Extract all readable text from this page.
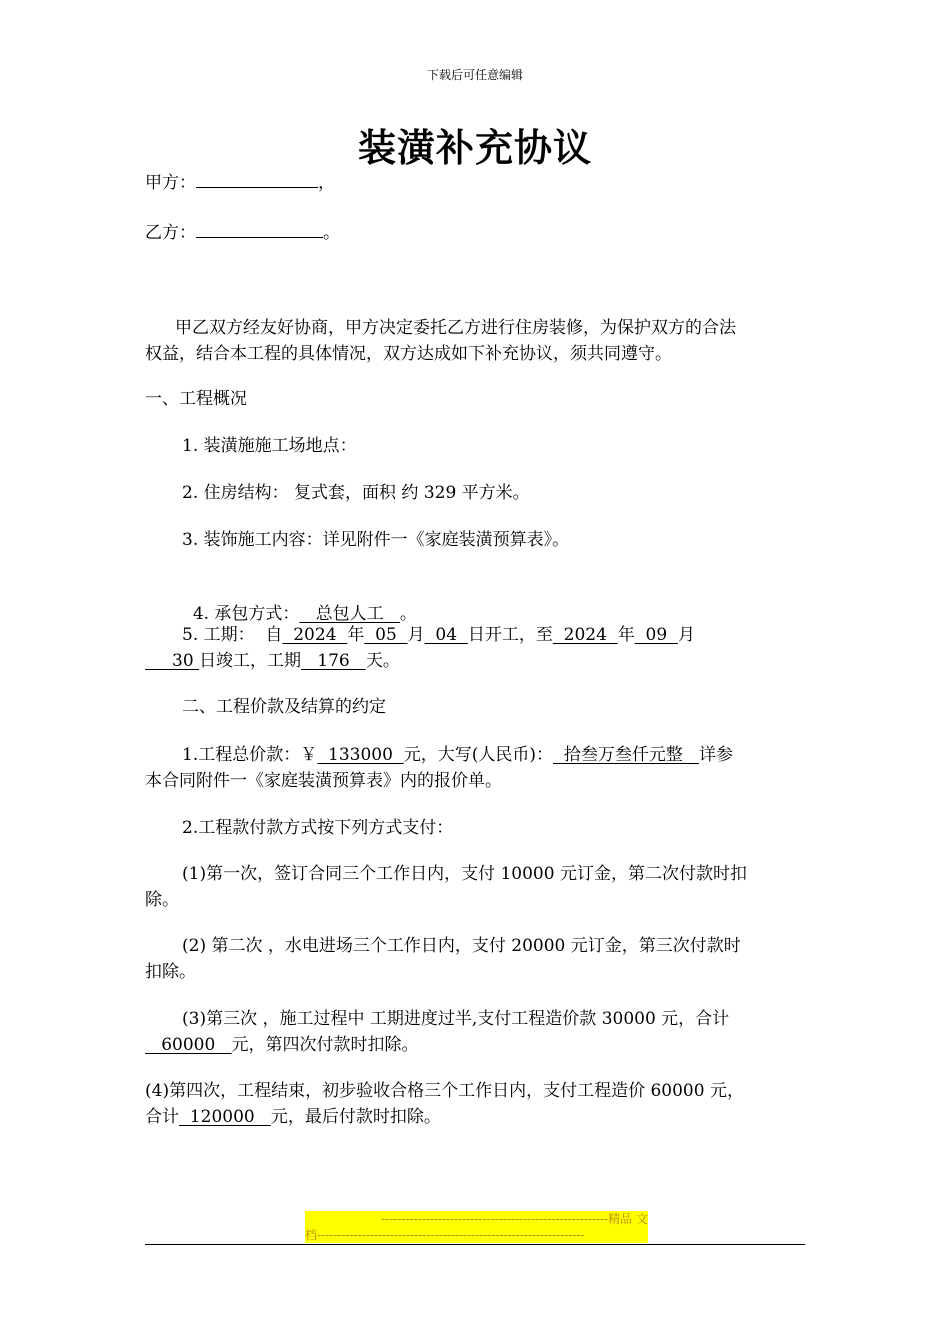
下载后可任意编辑
装潢补充协议
甲方：	，
乙方：	。
甲乙双方经友好协商，甲方决定委托乙方进行住房装修，为保护双方的合法
权益，结合本工程的具体情况，双方达成如下补充协议，须共同遵守。
一、工程概况
1. 装潢施施工场地点：
2. 住房结构： 复式套，面积 约 329 平方米。
3. 装饰施工内容：详见附件一《家庭装潢预算表》。

4. 承包方式：   总包人工   。

5. 工期：  自  2024  年  05  月  04  日开工，至  2024  年  09  月
30 日竣工，工期   176   天。
二、工程价款及结算的约定
1.工程总价款：￥  133000  元，大写(人民币)：  拾叁万叁仟元整   详参
本合同附件一《家庭装潢预算表》内的报价单。
2.工程款付款方式按下列方式支付：
(1)第一次，签订合同三个工作日内，支付 10000 元订金，第二次付款时扣
除。
(2) 第二次 ，水电进场三个工作日内，支付 20000 元订金，第三次付款时
扣除。
(3)第三次 ，施工过程中 工期进度过半,支付工程造价款 30000 元，合计
60000   元，第四次付款时扣除。
(4)第四次，工程结束，初步验收合格三个工作日内，支付工程造价 60000 元，
合计  120000   元，最后付款时扣除。
--------------------------------------------------------精品 文
档------------------------------------------------------------------
